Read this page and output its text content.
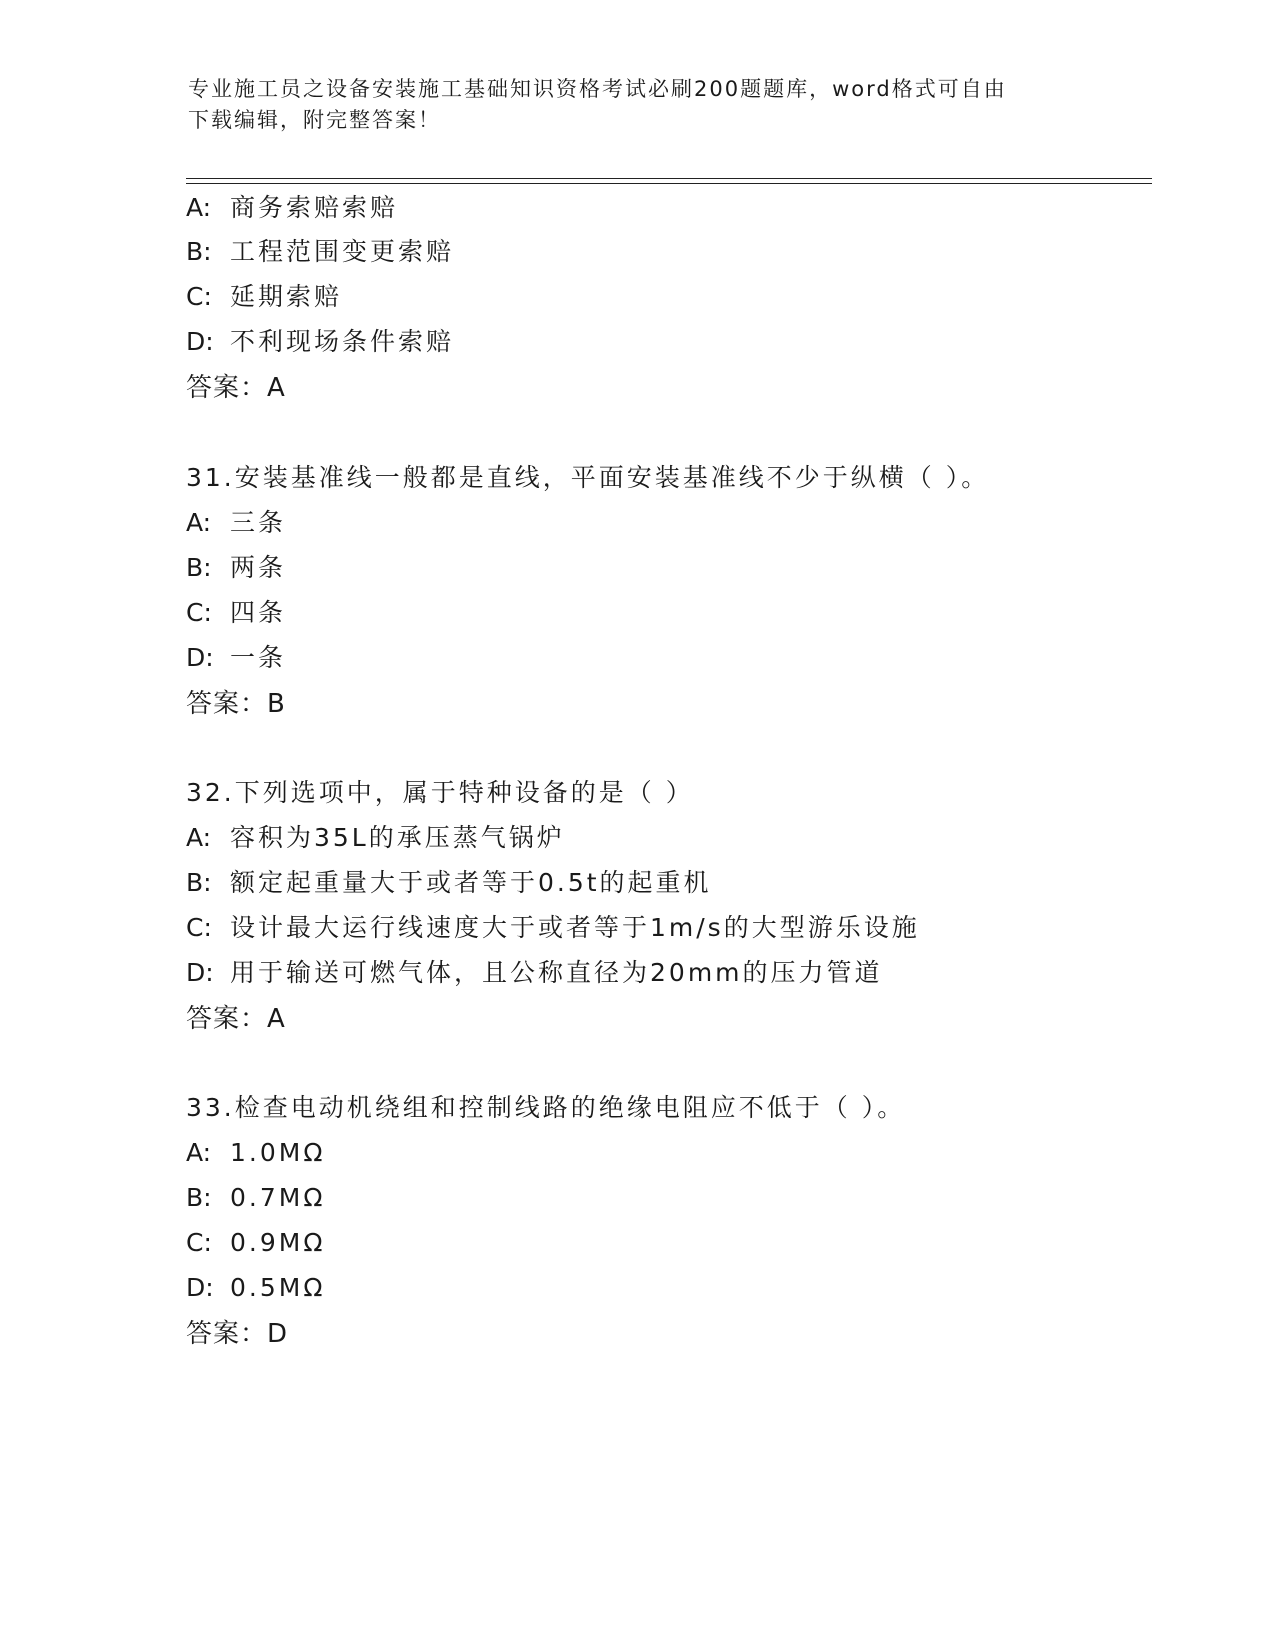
专业施工员之设备安装施工基础知识资格考试必刷200题题库，word格式可自由
下载编辑，附完整答案！
A: 商务索赔索赔
B: 工程范围变更索赔
C: 延期索赔
D: 不利现场条件索赔
答案：A
31.安装基准线一般都是直线，平面安装基准线不少于纵横（ ）。
A: 三条
B: 两条
C: 四条
D: 一条
答案：B
32.下列选项中，属于特种设备的是（ ）
A: 容积为35L的承压蒸气锅炉
B: 额定起重量大于或者等于0.5t的起重机
C: 设计最大运行线速度大于或者等于1m/s的大型游乐设施
D: 用于输送可燃气体，且公称直径为20mm的压力管道
答案：A
33.检查电动机绕组和控制线路的绝缘电阻应不低于（ ）。
A: 1.0MΩ
B: 0.7MΩ
C: 0.9MΩ
D: 0.5MΩ
答案：D
